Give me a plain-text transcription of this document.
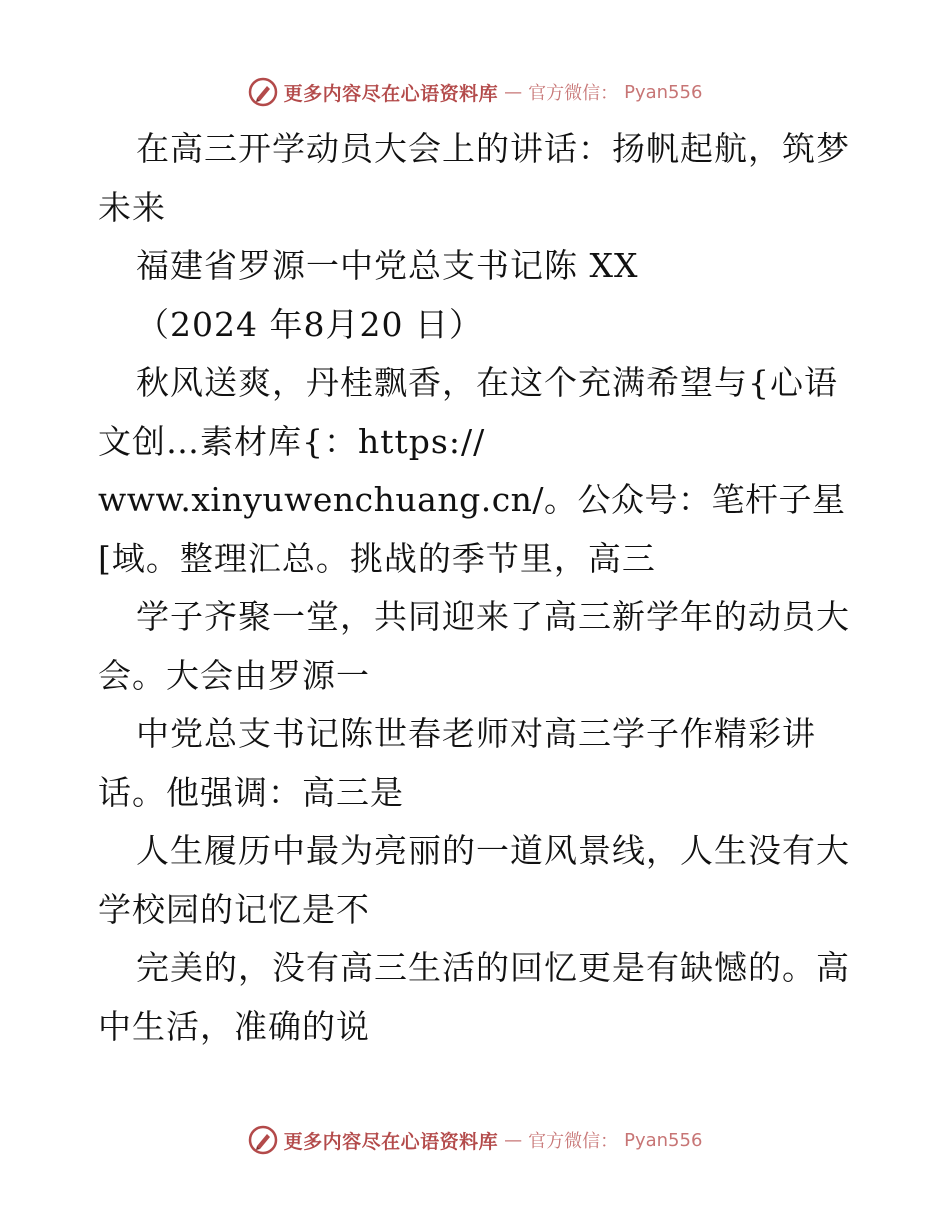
更多内容尽在心语资料库 — 官方微信： Pyan556
在高三开学动员大会上的讲话：扬帆起航，筑梦
未来
福建省罗源一中党总支书记陈 XX
（2024 年8月20 日）
秋风送爽，丹桂飘香，在这个充满希望与{心语
文创…素材库{：https://
www.xinyuwenchuang.cn/。公众号：笔杆子星
[域。整理汇总。挑战的季节里，高三
学子齐聚一堂，共同迎来了高三新学年的动员大
会。大会由罗源一
中党总支书记陈世春老师对高三学子作精彩讲
话。他强调：高三是
人生履历中最为亮丽的一道风景线，人生没有大
学校园的记忆是不
完美的，没有高三生活的回忆更是有缺憾的。高
中生活，准确的说
更多内容尽在心语资料库 — 官方微信： Pyan556
